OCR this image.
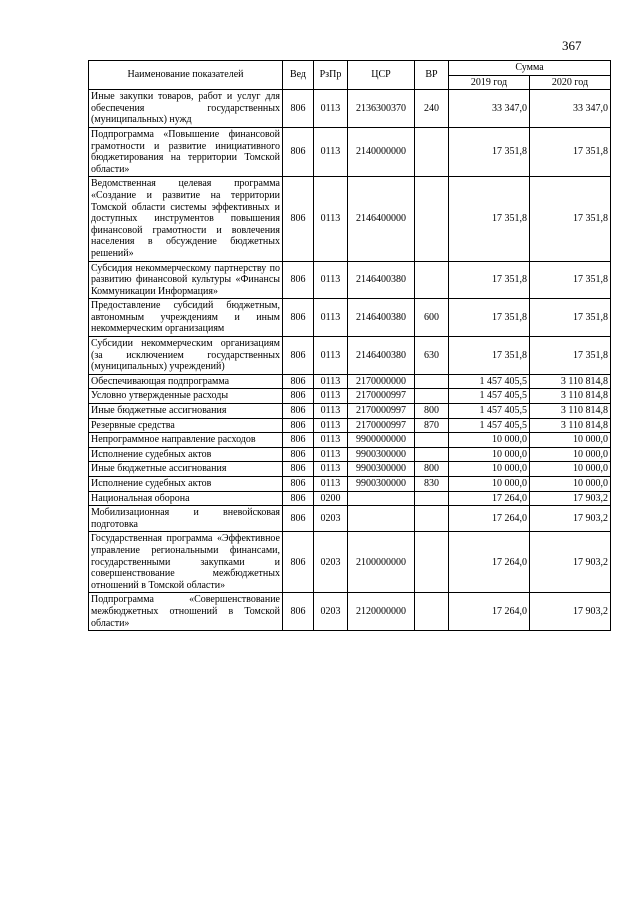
367
Наименование показателей	Вед	РзПр	ЦСР	ВР	Сумма	
					2019 год	2020 год
Иные закупки товаров, работ и услуг для обеспечения государственных (муниципальных) нужд	806	0113	2136300370	240	33 347,0	33 347,0
Подпрограмма «Повышение финансовой грамотности и развитие инициативного бюджетирования на территории Томской области»	806	0113	2140000000		17 351,8	17 351,8
Ведомственная целевая программа «Создание и развитие на территории Томской области системы эффективных и доступных инструментов повышения финансовой грамотности и вовлечения населения в обсуждение бюджетных решений»	806	0113	2146400000		17 351,8	17 351,8
Субсидия некоммерческому партнерству по развитию финансовой культуры «Финансы Коммуникации Информация»	806	0113	2146400380		17 351,8	17 351,8
Предоставление субсидий бюджетным, автономным учреждениям и иным некоммерческим организациям	806	0113	2146400380	600	17 351,8	17 351,8
Субсидии некоммерческим организациям (за исключением государственных (муниципальных) учреждений)	806	0113	2146400380	630	17 351,8	17 351,8
Обеспечивающая подпрограмма	806	0113	2170000000		1 457 405,5	3 110 814,8
Условно утвержденные расходы	806	0113	2170000997		1 457 405,5	3 110 814,8
Иные бюджетные ассигнования	806	0113	2170000997	800	1 457 405,5	3 110 814,8
Резервные средства	806	0113	2170000997	870	1 457 405,5	3 110 814,8
Непрограммное направление расходов	806	0113	9900000000		10 000,0	10 000,0
Исполнение судебных актов	806	0113	9900300000		10 000,0	10 000,0
Иные бюджетные ассигнования	806	0113	9900300000	800	10 000,0	10 000,0
Исполнение судебных актов	806	0113	9900300000	830	10 000,0	10 000,0
Национальная оборона	806	0200			17 264,0	17 903,2
Мобилизационная и вневойсковая подготовка	806	0203			17 264,0	17 903,2
Государственная программа «Эффективное управление региональными финансами, государственными закупками и совершенствование межбюджетных отношений в Томской области»	806	0203	2100000000		17 264,0	17 903,2
Подпрограмма «Совершенствование межбюджетных отношений в Томской области»	806	0203	2120000000		17 264,0	17 903,2
